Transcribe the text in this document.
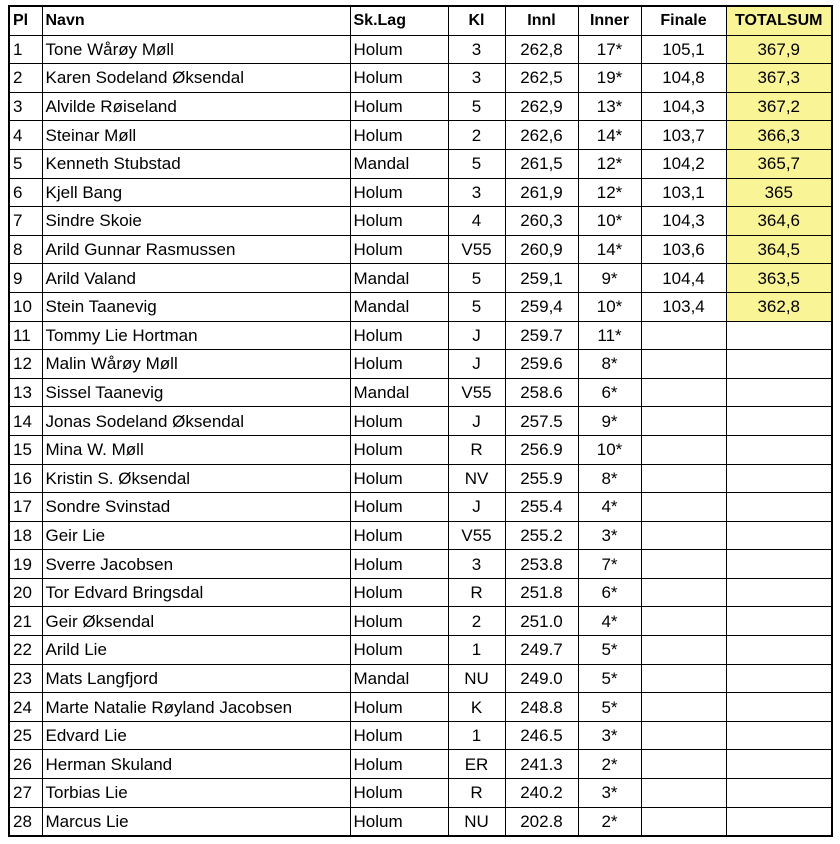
Pl	Navn	Sk.Lag	Kl	Innl	Inner	Finale	TOTALSUM
1	Tone Wårøy Møll	Holum	3	262,8	17*	105,1	367,9
2	Karen Sodeland Øksendal	Holum	3	262,5	19*	104,8	367,3
3	Alvilde Røiseland	Holum	5	262,9	13*	104,3	367,2
4	Steinar Møll	Holum	2	262,6	14*	103,7	366,3
5	Kenneth Stubstad	Mandal	5	261,5	12*	104,2	365,7
6	Kjell Bang	Holum	3	261,9	12*	103,1	365
7	Sindre Skoie	Holum	4	260,3	10*	104,3	364,6
8	Arild Gunnar Rasmussen	Holum	V55	260,9	14*	103,6	364,5
9	Arild Valand	Mandal	5	259,1	9*	104,4	363,5
10	Stein Taanevig	Mandal	5	259,4	10*	103,4	362,8
11	Tommy Lie Hortman	Holum	J	259.7	11*		
12	Malin Wårøy Møll	Holum	J	259.6	8*		
13	Sissel Taanevig	Mandal	V55	258.6	6*		
14	Jonas Sodeland Øksendal	Holum	J	257.5	9*		
15	Mina W. Møll	Holum	R	256.9	10*		
16	Kristin S. Øksendal	Holum	NV	255.9	8*		
17	Sondre Svinstad	Holum	J	255.4	4*		
18	Geir Lie	Holum	V55	255.2	3*		
19	Sverre Jacobsen	Holum	3	253.8	7*		
20	Tor Edvard Bringsdal	Holum	R	251.8	6*		
21	Geir Øksendal	Holum	2	251.0	4*		
22	Arild Lie	Holum	1	249.7	5*		
23	Mats Langfjord	Mandal	NU	249.0	5*		
24	Marte Natalie Røyland Jacobsen	Holum	K	248.8	5*		
25	Edvard Lie	Holum	1	246.5	3*		
26	Herman Skuland	Holum	ER	241.3	2*		
27	Torbias Lie	Holum	R	240.2	3*		
28	Marcus Lie	Holum	NU	202.8	2*		
